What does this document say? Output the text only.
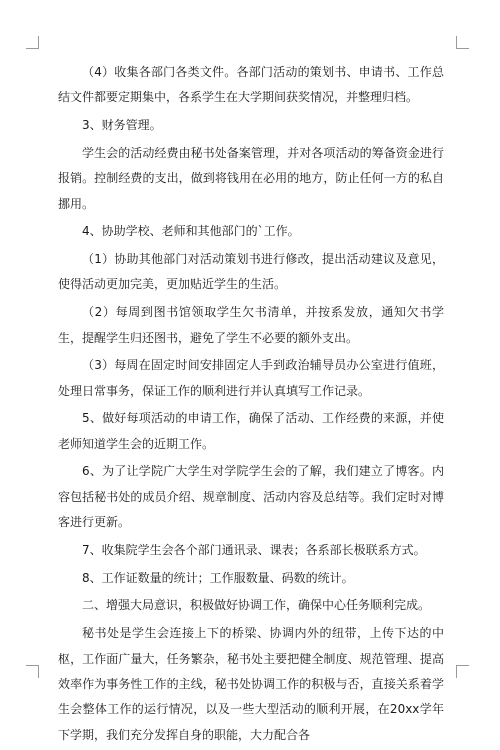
（4）收集各部门各类文件。各部门活动的策划书、申请书、工作总结文件都要定期集中，各系学生在大学期间获奖情况，并整理归档。

3、财务管理。

学生会的活动经费由秘书处备案管理，并对各项活动的筹备资金进行报销。控制经费的支出，做到将钱用在必用的地方，防止任何一方的私自挪用。

4、协助学校、老师和其他部门的`工作。

（1）协助其他部门对活动策划书进行修改，提出活动建议及意见，使得活动更加完美，更加贴近学生的生活。

（2）每周到图书馆领取学生欠书清单，并按系发放，通知欠书学生，提醒学生归还图书，避免了学生不必要的额外支出。

（3）每周在固定时间安排固定人手到政治辅导员办公室进行值班，处理日常事务，保证工作的顺利进行并认真填写工作记录。

5、做好每项活动的申请工作，确保了活动、工作经费的来源，并使老师知道学生会的近期工作。

6、为了让学院广大学生对学院学生会的了解，我们建立了博客。内容包括秘书处的成员介绍、规章制度、活动内容及总结等。我们定时对博客进行更新。

7、收集院学生会各个部门通讯录、课表；各系部长极联系方式。

8、工作证数量的统计；工作服数量、码数的统计。

二、增强大局意识，积极做好协调工作，确保中心任务顺利完成。

秘书处是学生会连接上下的桥梁、协调内外的纽带，上传下达的中枢，工作面广量大，任务繁杂，秘书处主要把健全制度、规范管理、提高效率作为事务性工作的主线，秘书处协调工作的积极与否，直接关系着学生会整体工作的运行情况，以及一些大型活动的顺利开展，在20xx学年下学期，我们充分发挥自身的职能，大力配合各
